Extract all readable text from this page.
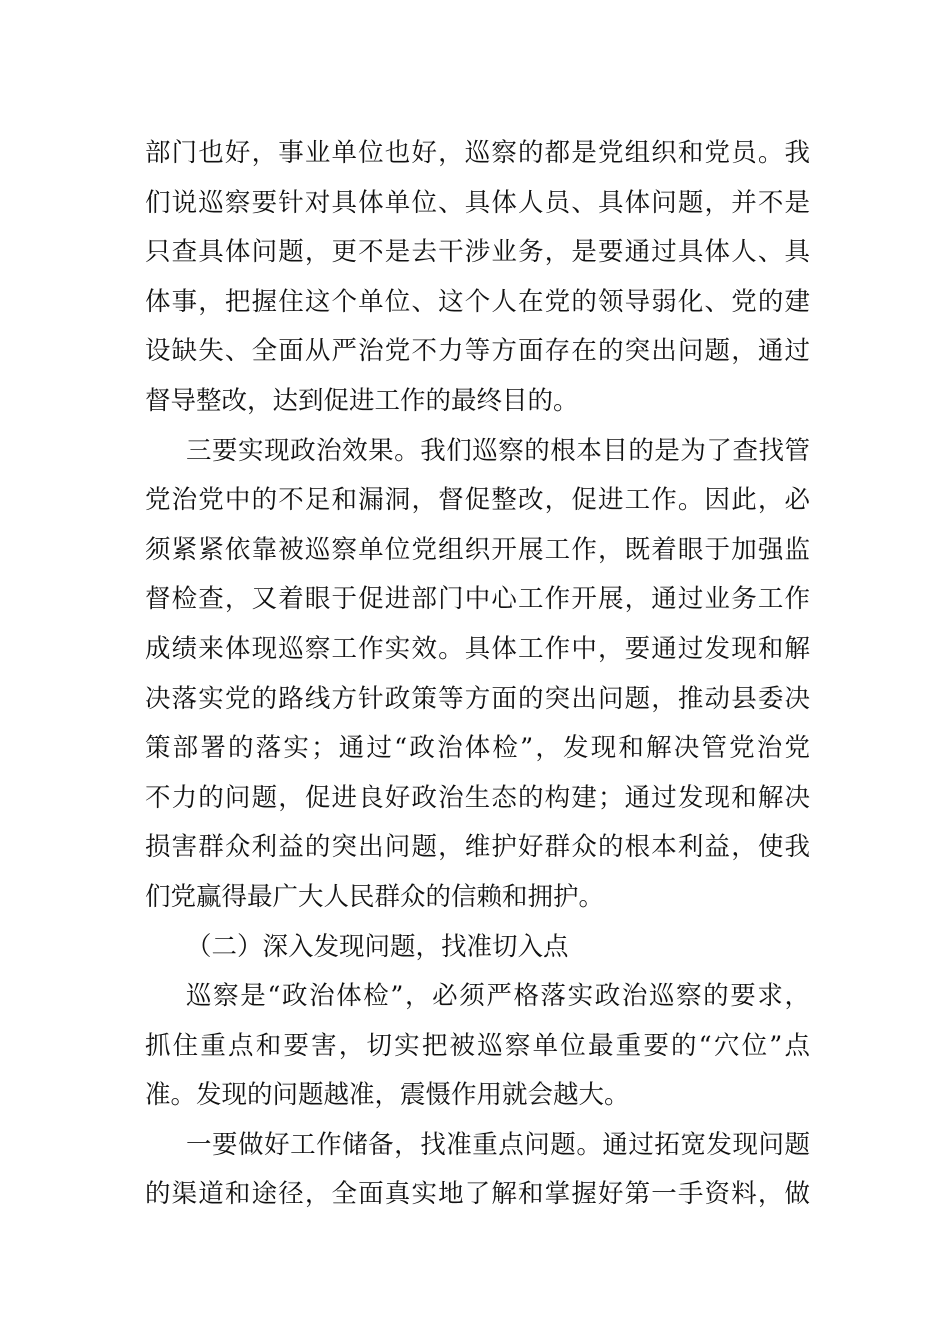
部门也好，事业单位也好，巡察的都是党组织和党员。我
们说巡察要针对具体单位、具体人员、具体问题，并不是
只查具体问题，更不是去干涉业务，是要通过具体人、具
体事，把握住这个单位、这个人在党的领导弱化、党的建
设缺失、全面从严治党不力等方面存在的突出问题，通过
督导整改，达到促进工作的最终目的。
三要实现政治效果。我们巡察的根本目的是为了查找管
党治党中的不足和漏洞，督促整改，促进工作。因此，必
须紧紧依靠被巡察单位党组织开展工作，既着眼于加强监
督检查，又着眼于促进部门中心工作开展，通过业务工作
成绩来体现巡察工作实效。具体工作中，要通过发现和解
决落实党的路线方针政策等方面的突出问题，推动县委决
策部署的落实；通过“政治体检”，发现和解决管党治党
不力的问题，促进良好政治生态的构建；通过发现和解决
损害群众利益的突出问题，维护好群众的根本利益，使我
们党赢得最广大人民群众的信赖和拥护。
（二）深入发现问题，找准切入点
巡察是“政治体检”，必须严格落实政治巡察的要求，
抓住重点和要害，切实把被巡察单位最重要的“穴位”点
准。发现的问题越准，震慑作用就会越大。
一要做好工作储备，找准重点问题。通过拓宽发现问题
的渠道和途径，全面真实地了解和掌握好第一手资料，做
